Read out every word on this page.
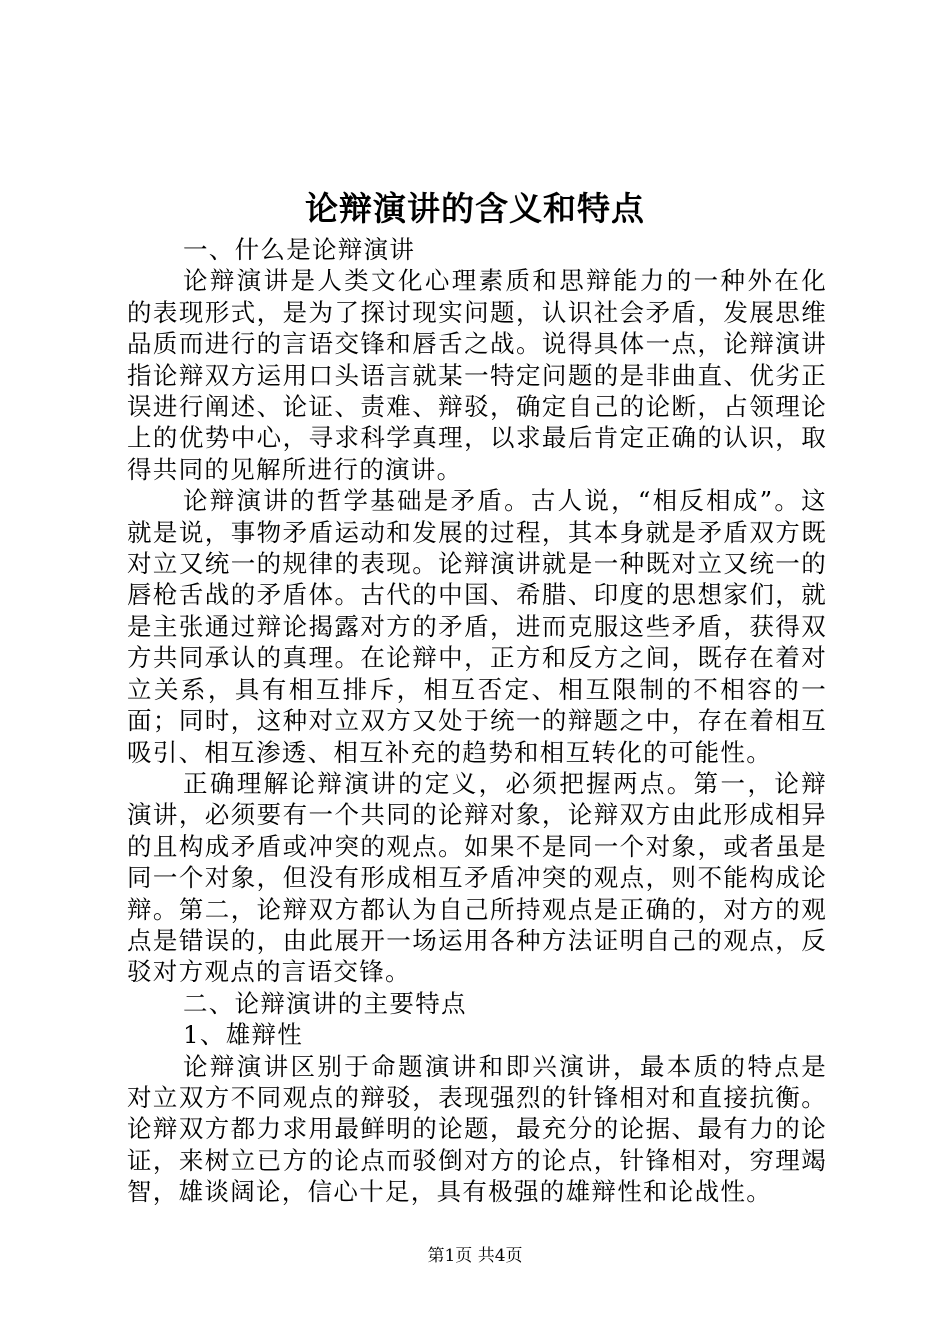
论辩演讲的含义和特点

一、什么是论辩演讲

论辩演讲是人类文化心理素质和思辩能力的一种外在化的表现形式，是为了探讨现实问题，认识社会矛盾，发展思维品质而进行的言语交锋和唇舌之战。说得具体一点，论辩演讲指论辩双方运用口头语言就某一特定问题的是非曲直、优劣正误进行阐述、论证、责难、辩驳，确定自己的论断，占领理论上的优势中心，寻求科学真理，以求最后肯定正确的认识，取得共同的见解所进行的演讲。

论辩演讲的哲学基础是矛盾。古人说，“相反相成”。这就是说，事物矛盾运动和发展的过程，其本身就是矛盾双方既对立又统一的规律的表现。论辩演讲就是一种既对立又统一的唇枪舌战的矛盾体。古代的中国、希腊、印度的思想家们，就是主张通过辩论揭露对方的矛盾，进而克服这些矛盾，获得双方共同承认的真理。在论辩中，正方和反方之间，既存在着对立关系，具有相互排斥，相互否定、相互限制的不相容的一面；同时，这种对立双方又处于统一的辩题之中，存在着相互吸引、相互渗透、相互补充的趋势和相互转化的可能性。

正确理解论辩演讲的定义，必须把握两点。第一，论辩演讲，必须要有一个共同的论辩对象，论辩双方由此形成相异的且构成矛盾或冲突的观点。如果不是同一个对象，或者虽是同一个对象，但没有形成相互矛盾冲突的观点，则不能构成论辩。第二，论辩双方都认为自己所持观点是正确的，对方的观点是错误的，由此展开一场运用各种方法证明自己的观点，反驳对方观点的言语交锋。

二、论辩演讲的主要特点

1、雄辩性

论辩演讲区别于命题演讲和即兴演讲，最本质的特点是对立双方不同观点的辩驳，表现强烈的针锋相对和直接抗衡。论辩双方都力求用最鲜明的论题，最充分的论据、最有力的论证，来树立已方的论点而驳倒对方的论点，针锋相对，穷理竭智，雄谈阔论，信心十足，具有极强的雄辩性和论战性。

第1页 共4页
